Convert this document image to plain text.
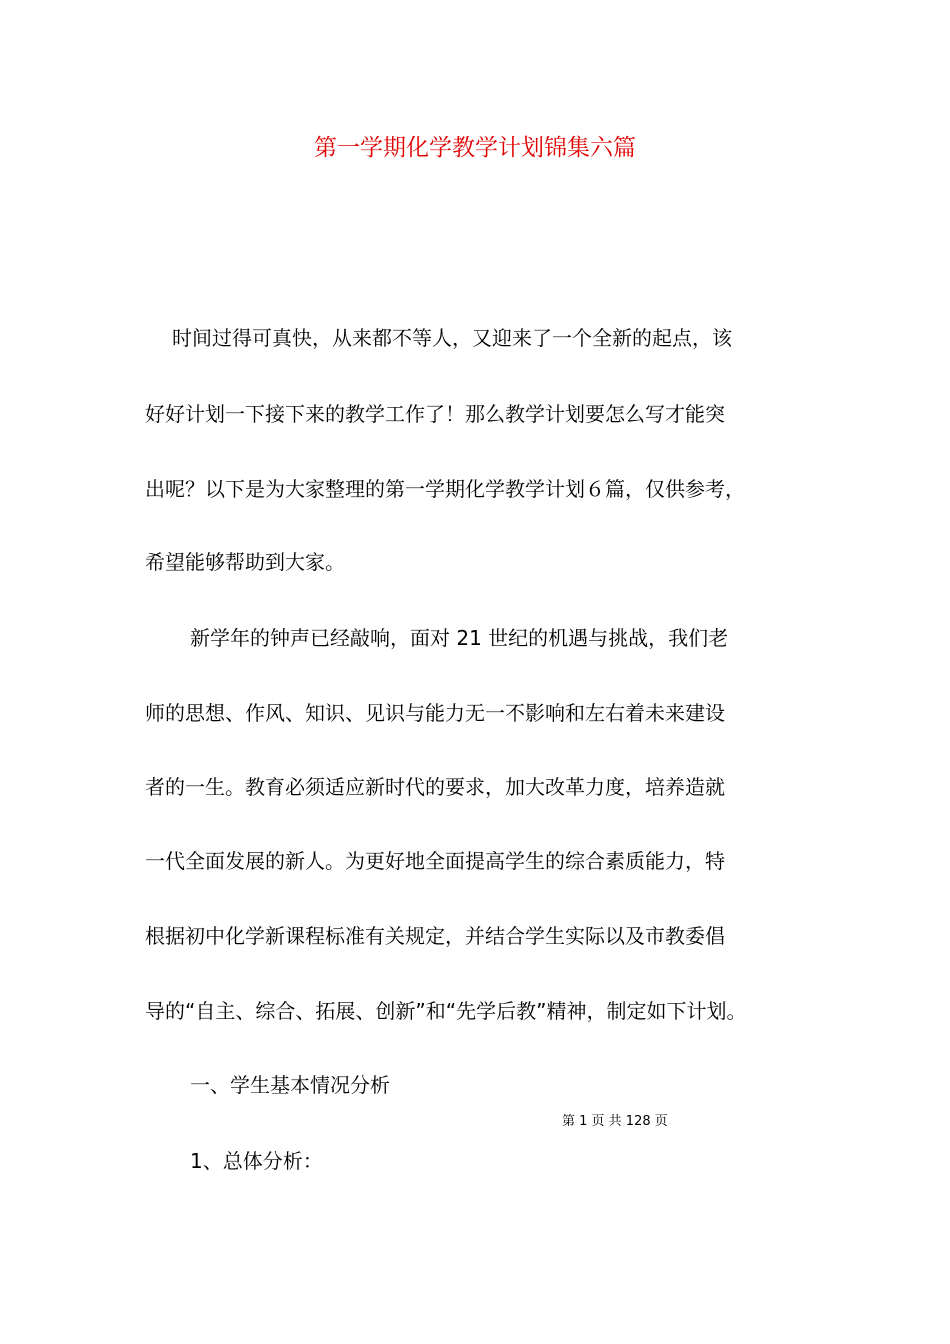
第一学期化学教学计划锦集六篇

时间过得可真快，从来都不等人，又迎来了一个全新的起点，该

好好计划一下接下来的教学工作了！那么教学计划要怎么写才能突

出呢？以下是为大家整理的第一学期化学教学计划６篇，仅供参考，

希望能够帮助到大家。

新学年的钟声已经敲响，面对 21 世纪的机遇与挑战，我们老

师的思想、作风、知识、见识与能力无一不影响和左右着未来建设

者的一生。教育必须适应新时代的要求，加大改革力度，培养造就

一代全面发展的新人。为更好地全面提高学生的综合素质能力，特

根据初中化学新课程标准有关规定，并结合学生实际以及市教委倡

导的“自主、综合、拓展、创新”和“先学后教”精神，制定如下计划。

一、学生基本情况分析

第 1 页 共 128 页

1、总体分析：
